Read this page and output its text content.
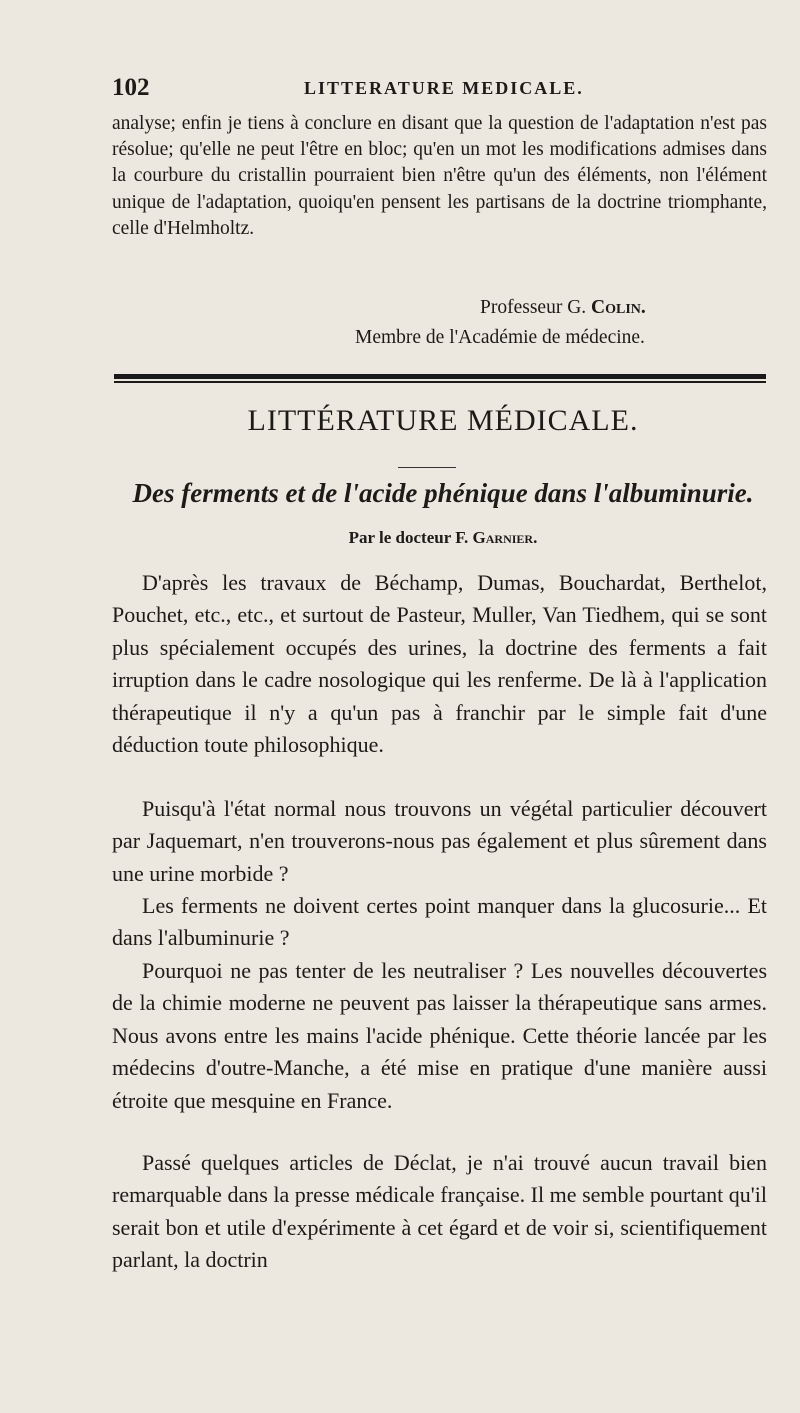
102	LITTERATURE MEDICALE.

analyse; enfin je tiens à conclure en disant que la question de l'adaptation n'est pas résolue; qu'elle ne peut l'être en bloc; qu'en un mot les modifications admises dans la courbure du cristallin pourraient bien n'être qu'un des éléments, non l'élément unique de l'adaptation, quoiqu'en pensent les partisans de la doctrine triomphante, celle d'Helmholtz.

Professeur G. Colin.
Membre de l'Académie de médecine.
LITTÉRATURE MÉDICALE.
Des ferments et de l'acide phénique dans l'albuminurie.
Par le docteur F. Garnier.

D'après les travaux de Béchamp, Dumas, Bouchardat, Berthelot, Pouchet, etc., etc., et surtout de Pasteur, Muller, Van Tiedhem, qui se sont plus spécialement occupés des urines, la doctrine des ferments a fait irruption dans le cadre nosologique qui les renferme. De là à l'application thérapeutique il n'y a qu'un pas à franchir par le simple fait d'une déduction toute philosophique.

Puisqu'à l'état normal nous trouvons un végétal particulier découvert par Jaquemart, n'en trouverons-nous pas également et plus sûrement dans une urine morbide ?

Les ferments ne doivent certes point manquer dans la glucosurie... Et dans l'albuminurie ?

Pourquoi ne pas tenter de les neutraliser ? Les nouvelles découvertes de la chimie moderne ne peuvent pas laisser la thérapeutique sans armes. Nous avons entre les mains l'acide phénique. Cette théorie lancée par les médecins d'outre-Manche, a été mise en pratique d'une manière aussi étroite que mesquine en France.

Passé quelques articles de Déclat, je n'ai trouvé aucun travail bien remarquable dans la presse médicale française. Il me semble pourtant qu'il serait bon et utile d'expérimente à cet égard et de voir si, scientifiquement parlant, la doctrin
